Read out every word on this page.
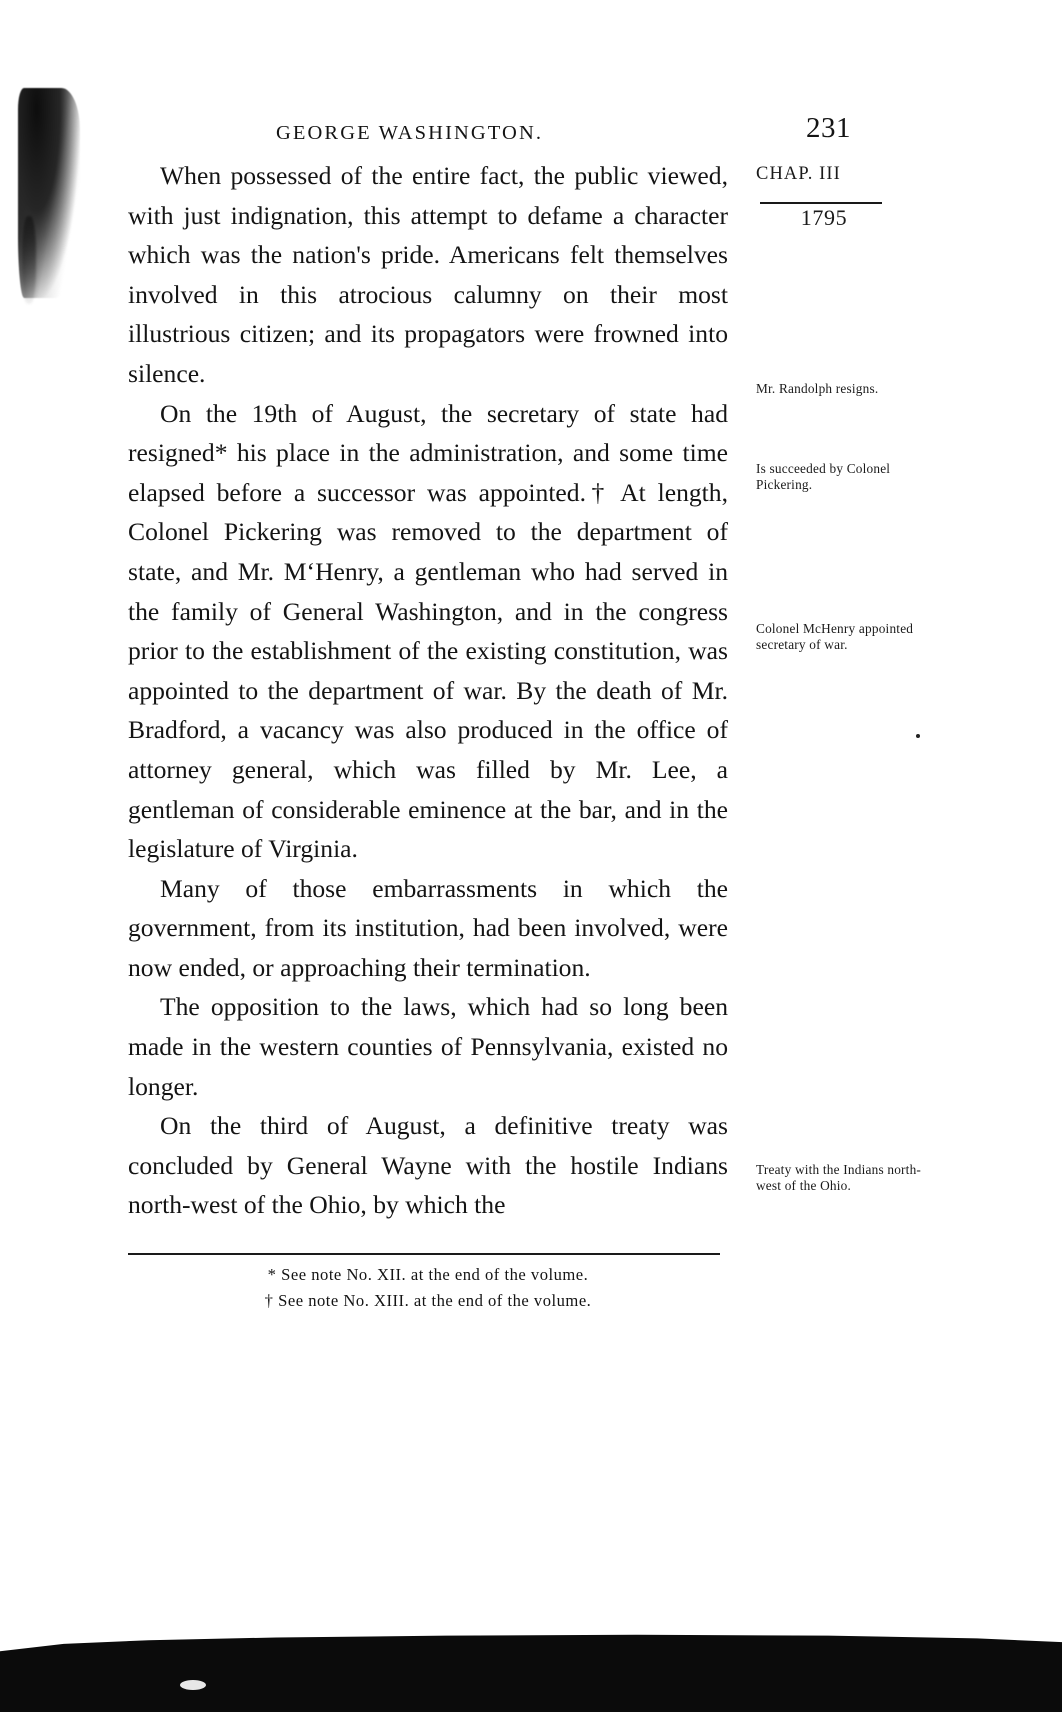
GEORGE WASHINGTON.	231

When possessed of the entire fact, the public viewed, with just indignation, this attempt to defame a character which was the nation's pride. Americans felt themselves involved in this atrocious calumny on their most illustrious citizen; and its propagators were frowned into silence.

On the 19th of August, the secretary of state had resigned* his place in the administration, and some time elapsed before a successor was appointed.† At length, Colonel Pickering was removed to the department of state, and Mr. M‘Henry, a gentleman who had served in the family of General Washington, and in the congress prior to the establishment of the existing constitution, was appointed to the department of war. By the death of Mr. Bradford, a vacancy was also produced in the office of attorney general, which was filled by Mr. Lee, a gentleman of considerable eminence at the bar, and in the legislature of Virginia.

Many of those embarrassments in which the government, from its institution, had been involved, were now ended, or approaching their termination.

The opposition to the laws, which had so long been made in the western counties of Pennsylvania, existed no longer.

On the third of August, a definitive treaty was concluded by General Wayne with the hostile Indians north-west of the Ohio, by which the

CHAP. III
1795
Mr. Randolph resigns.
Is succeeded by Colonel Pickering.
Colonel McHenry appointed secretary of war.
Treaty with the Indians north-west of the Ohio.
* See note No. XII. at the end of the volume.
† See note No. XIII. at the end of the volume.
